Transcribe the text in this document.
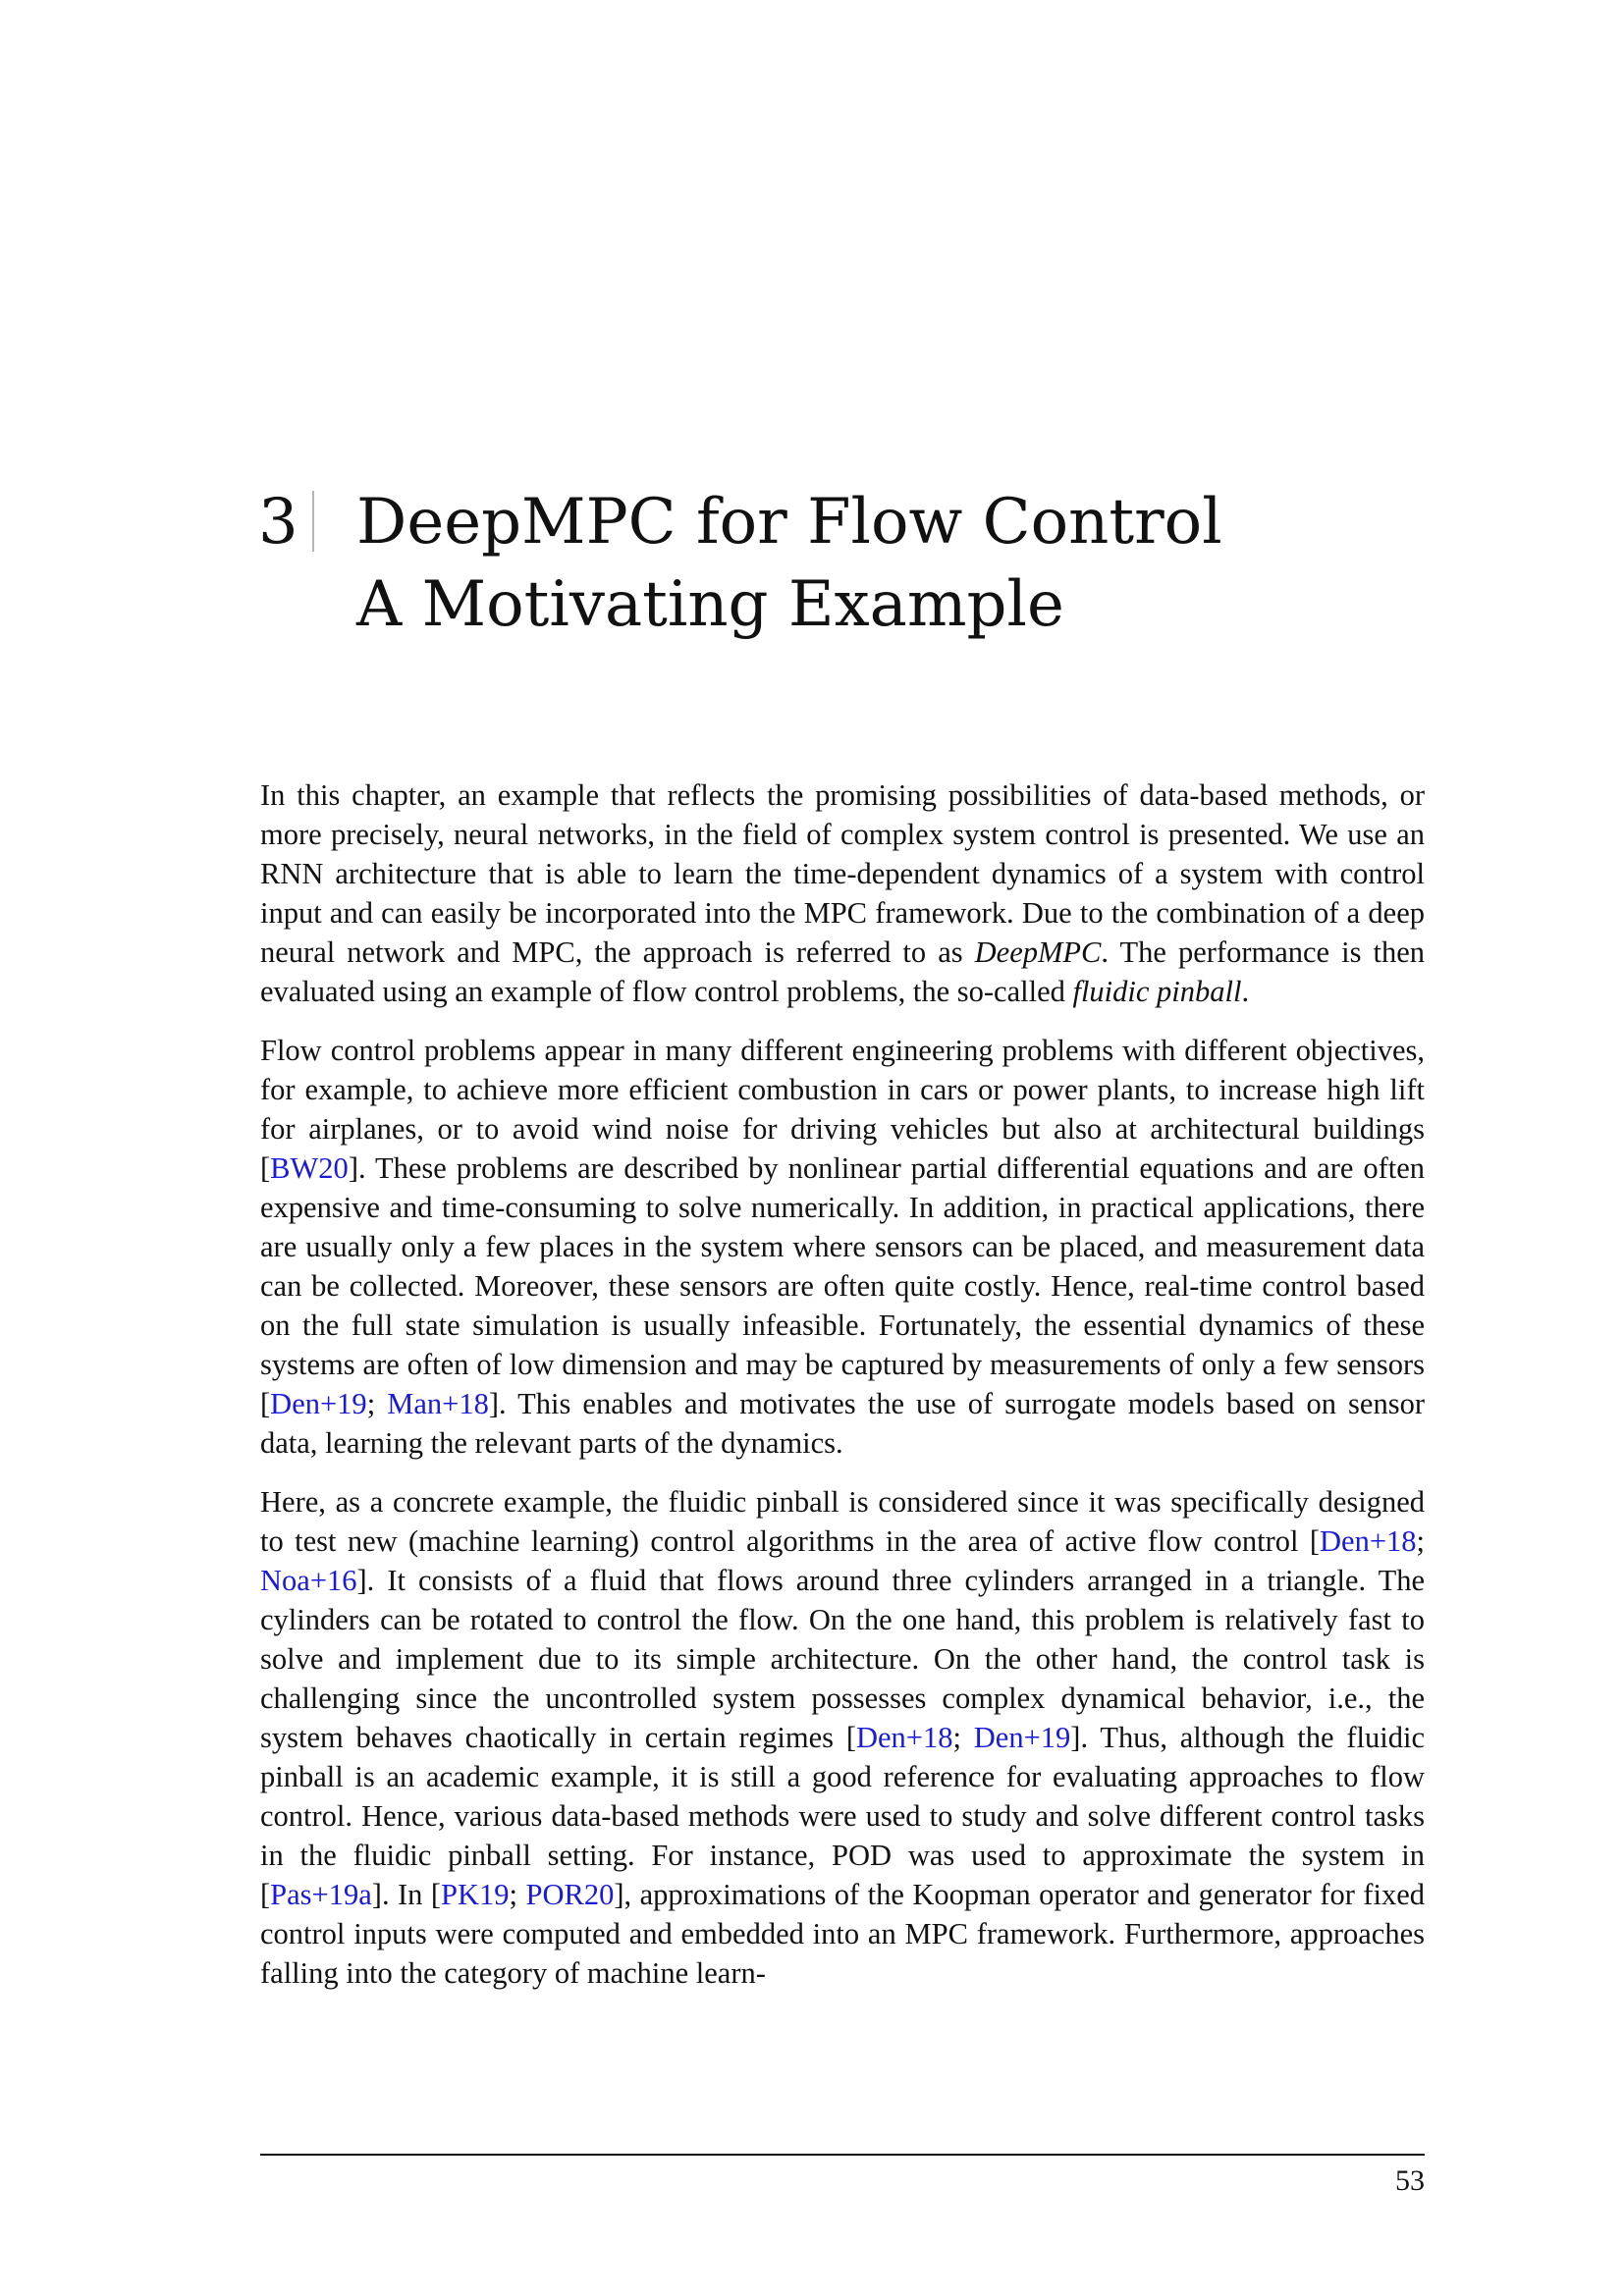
3 DeepMPC for Flow Control
A Motivating Example

In this chapter, an example that reflects the promising possibilities of data-based methods, or more precisely, neural networks, in the field of complex system control is presented. We use an RNN architecture that is able to learn the time-dependent dynamics of a system with control input and can easily be incorporated into the MPC framework. Due to the combination of a deep neural network and MPC, the approach is referred to as DeepMPC. The performance is then evaluated using an example of flow control problems, the so-called fluidic pinball.

Flow control problems appear in many different engineering problems with different objectives, for example, to achieve more efficient combustion in cars or power plants, to increase high lift for airplanes, or to avoid wind noise for driving vehicles but also at architectural buildings [BW20]. These problems are described by nonlinear partial differential equations and are often expensive and time-consuming to solve numerically. In addition, in practical applications, there are usually only a few places in the system where sensors can be placed, and measurement data can be collected. Moreover, these sensors are often quite costly. Hence, real-time control based on the full state simulation is usually infeasible. Fortunately, the essential dynamics of these systems are often of low dimension and may be captured by measurements of only a few sensors [Den+19; Man+18]. This enables and motivates the use of surrogate models based on sensor data, learning the relevant parts of the dynamics.

Here, as a concrete example, the fluidic pinball is considered since it was specifically designed to test new (machine learning) control algorithms in the area of active flow control [Den+18; Noa+16]. It consists of a fluid that flows around three cylinders arranged in a triangle. The cylinders can be rotated to control the flow. On the one hand, this problem is relatively fast to solve and implement due to its simple architecture. On the other hand, the control task is challenging since the uncontrolled system possesses complex dynamical behavior, i.e., the system behaves chaotically in certain regimes [Den+18; Den+19]. Thus, although the fluidic pinball is an academic example, it is still a good reference for evaluating approaches to flow control. Hence, various data-based methods were used to study and solve different control tasks in the fluidic pinball setting. For instance, POD was used to approximate the system in [Pas+19a]. In [PK19; POR20], approximations of the Koopman operator and generator for fixed control inputs were computed and embedded into an MPC framework. Furthermore, approaches falling into the category of machine learn-

53
